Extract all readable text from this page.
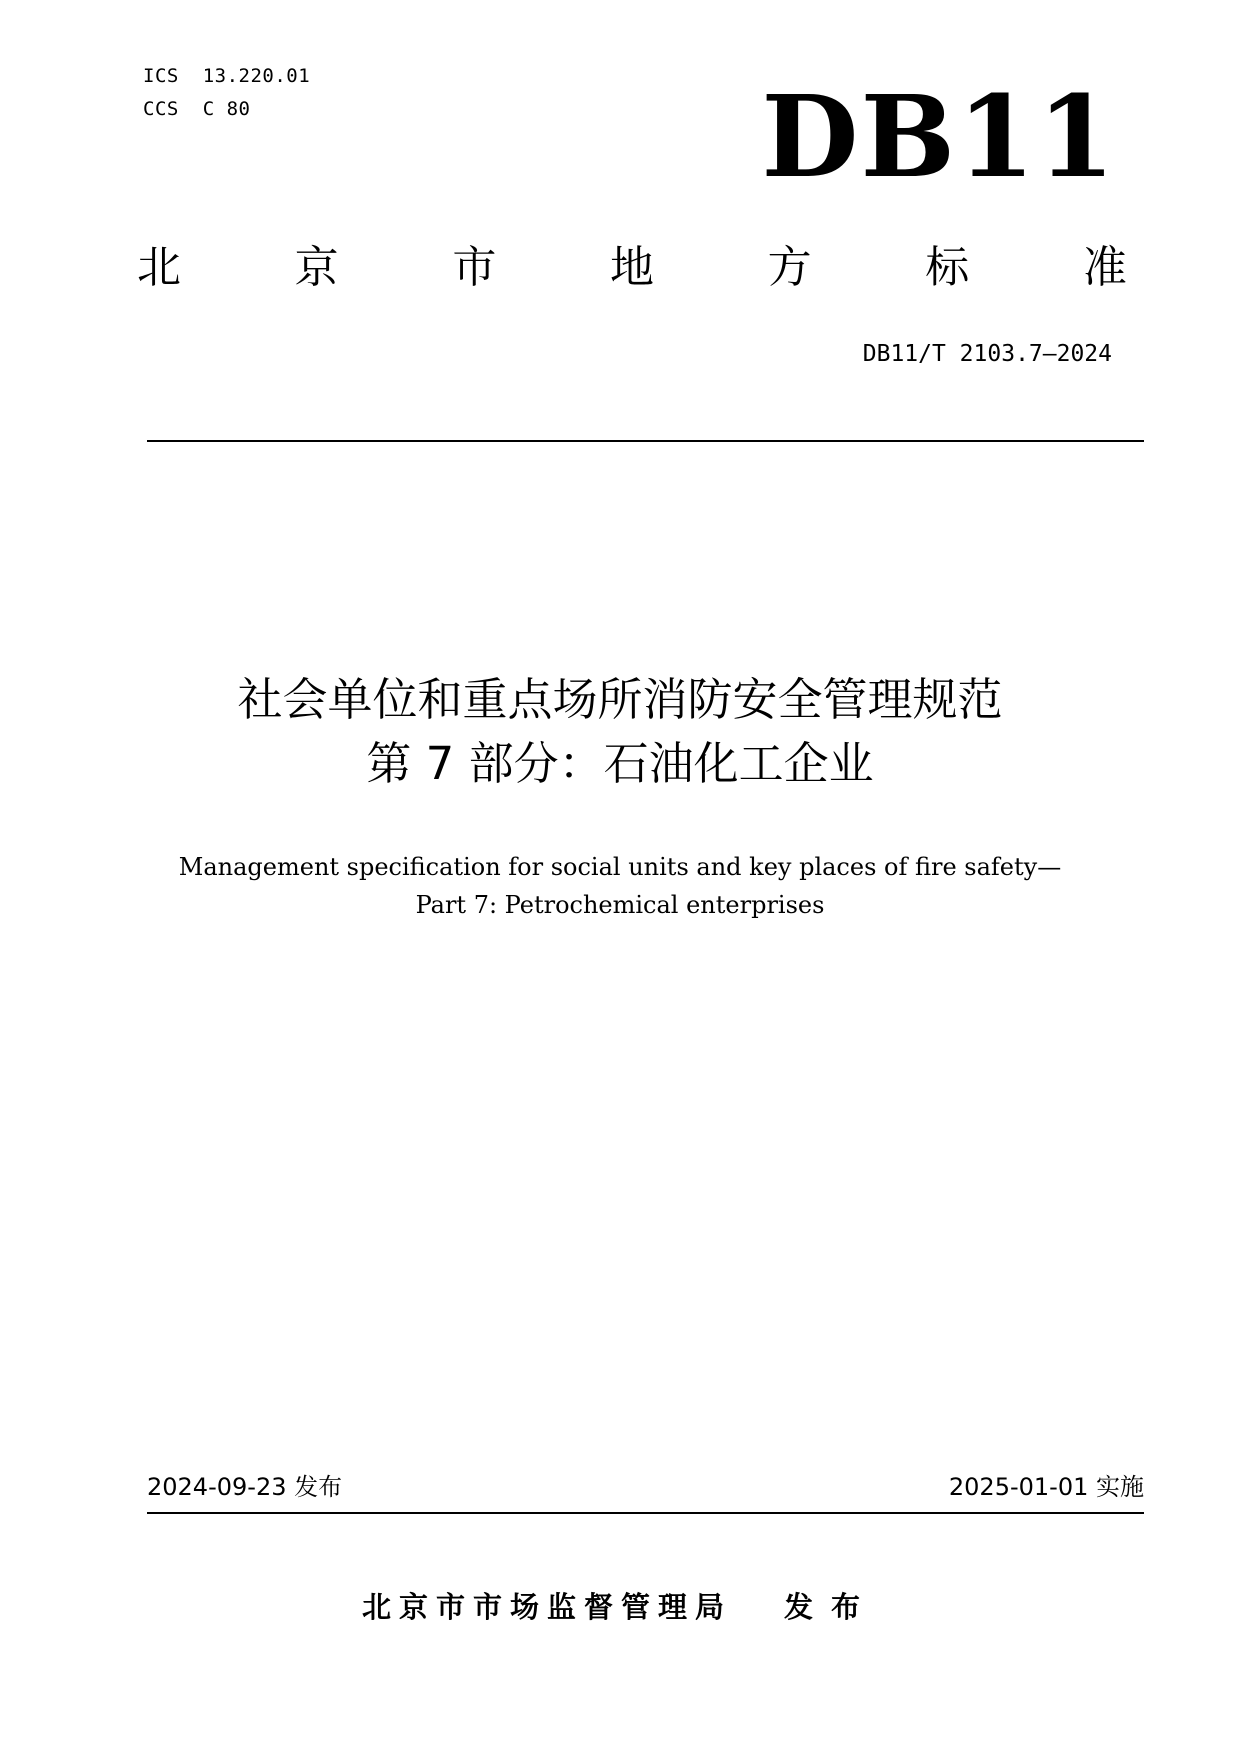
ICS  13.220.01
CCS  C 80	DB11
北	京	市	地	方	标	准
DB11/T 2103.7—2024
社会单位和重点场所消防安全管理规范
第 7 部分：石油化工企业
Management specification for social units and key places of fire safety—
Part 7: Petrochemical enterprises
2024-09-23 发布	2025-01-01 实施
北京市市场监督管理局 发布
